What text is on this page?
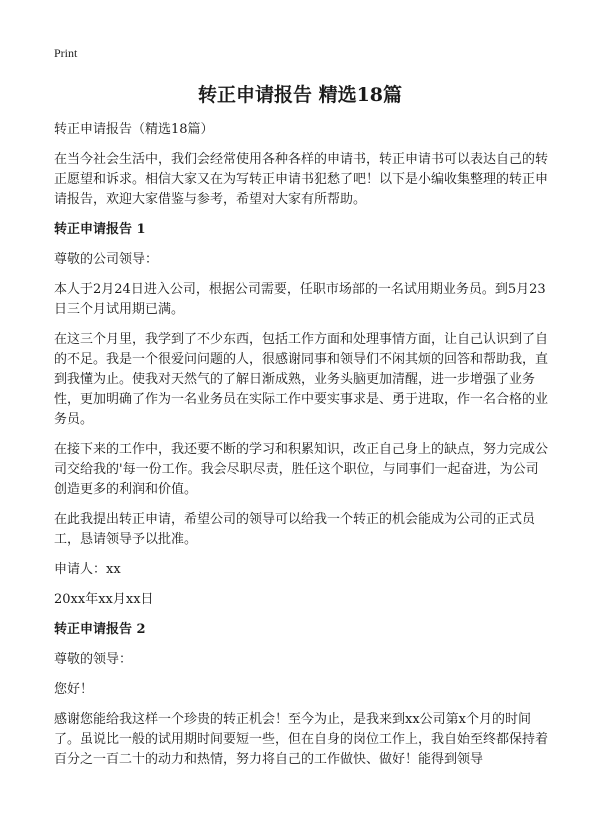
Print
转正申请报告 精选18篇

转正申请报告（精选18篇）

在当今社会生活中，我们会经常使用各种各样的申请书，转正申请书可以表达自己的转正愿望和诉求。相信大家又在为写转正申请书犯愁了吧！以下是小编收集整理的转正申请报告，欢迎大家借鉴与参考，希望对大家有所帮助。

转正申请报告 1

尊敬的公司领导：

本人于2月24日进入公司，根据公司需要，任职市场部的一名试用期业务员。到5月23日三个月试用期已满。

在这三个月里，我学到了不少东西，包括工作方面和处理事情方面，让自己认识到了自的不足。我是一个很爱问问题的人，很感谢同事和领导们不闲其烦的回答和帮助我，直到我懂为止。使我对天然气的了解日渐成熟，业务头脑更加清醒，进一步增强了业务性，更加明确了作为一名业务员在实际工作中要实事求是、勇于进取，作一名合格的业务员。

在接下来的工作中，我还要不断的学习和积累知识，改正自己身上的缺点，努力完成公司交给我的'每一份工作。我会尽职尽责，胜任这个职位，与同事们一起奋进，为公司创造更多的利润和价值。

在此我提出转正申请，希望公司的领导可以给我一个转正的机会能成为公司的正式员工，恳请领导予以批准。

申请人：xx

20xx年xx月xx日

转正申请报告 2

尊敬的领导：

您好！

感谢您能给我这样一个珍贵的转正机会！至今为止，是我来到xx公司第x个月的时间了。虽说比一般的试用期时间要短一些，但在自身的岗位工作上，我自始至终都保持着百分之一百二十的动力和热情，努力将自己的工作做快、做好！能得到领导
